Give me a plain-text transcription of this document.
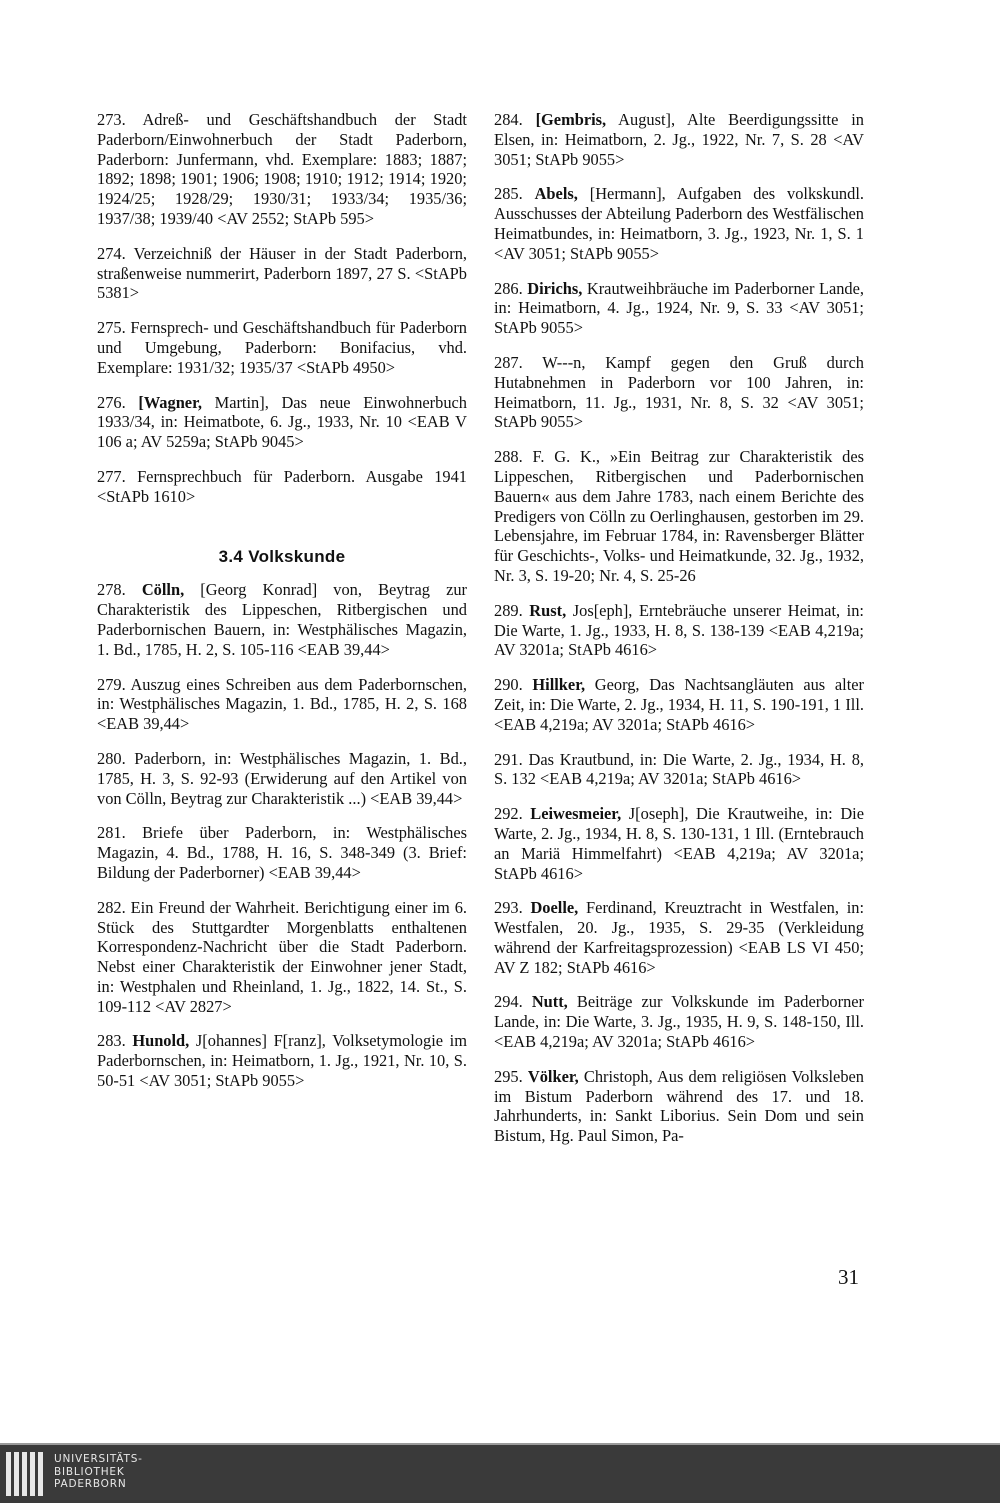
273. Adreß- und Geschäftshandbuch der Stadt Paderborn/Einwohnerbuch der Stadt Paderborn, Paderborn: Junfermann, vhd. Exemplare: 1883; 1887; 1892; 1898; 1901; 1906; 1908; 1910; 1912; 1914; 1920; 1924/25; 1928/29; 1930/31; 1933/34; 1935/36; 1937/38; 1939/40 <AV 2552; StAPb 595>

274. Verzeichniß der Häuser in der Stadt Paderborn, straßenweise nummerirt, Paderborn 1897, 27 S. <StAPb 5381>

275. Fernsprech- und Geschäftshandbuch für Paderborn und Umgebung, Paderborn: Bonifacius, vhd. Exemplare: 1931/32; 1935/37 <StAPb 4950>

276. [Wagner, Martin], Das neue Einwohnerbuch 1933/34, in: Heimatbote, 6. Jg., 1933, Nr. 10 <EAB V 106 a; AV 5259a; StAPb 9045>

277. Fernsprechbuch für Paderborn. Ausgabe 1941 <StAPb 1610>

3.4 Volkskunde

278. Cölln, [Georg Konrad] von, Beytrag zur Charakteristik des Lippeschen, Ritbergischen und Paderbornischen Bauern, in: Westphälisches Magazin, 1. Bd., 1785, H. 2, S. 105-116 <EAB 39,44>

279. Auszug eines Schreiben aus dem Paderbornschen, in: Westphälisches Magazin, 1. Bd., 1785, H. 2, S. 168 <EAB 39,44>

280. Paderborn, in: Westphälisches Magazin, 1. Bd., 1785, H. 3, S. 92-93 (Erwiderung auf den Artikel von von Cölln, Beytrag zur Charakteristik ...) <EAB 39,44>

281. Briefe über Paderborn, in: Westphälisches Magazin, 4. Bd., 1788, H. 16, S. 348-349 (3. Brief: Bildung der Paderborner) <EAB 39,44>

282. Ein Freund der Wahrheit. Berichtigung einer im 6. Stück des Stuttgardter Morgenblatts enthaltenen Korrespondenz-Nachricht über die Stadt Paderborn. Nebst einer Charakteristik der Einwohner jener Stadt, in: Westphalen und Rheinland, 1. Jg., 1822, 14. St., S. 109-112 <AV 2827>

283. Hunold, J[ohannes] F[ranz], Volksetymologie im Paderbornschen, in: Heimatborn, 1. Jg., 1921, Nr. 10, S. 50-51 <AV 3051; StAPb 9055>

284. [Gembris, August], Alte Beerdigungssitte in Elsen, in: Heimatborn, 2. Jg., 1922, Nr. 7, S. 28 <AV 3051; StAPb 9055>

285. Abels, [Hermann], Aufgaben des volkskundl. Ausschusses der Abteilung Paderborn des Westfälischen Heimatbundes, in: Heimatborn, 3. Jg., 1923, Nr. 1, S. 1 <AV 3051; StAPb 9055>

286. Dirichs, Krautweihbräuche im Paderborner Lande, in: Heimatborn, 4. Jg., 1924, Nr. 9, S. 33 <AV 3051; StAPb 9055>

287. W---n, Kampf gegen den Gruß durch Hutabnehmen in Paderborn vor 100 Jahren, in: Heimatborn, 11. Jg., 1931, Nr. 8, S. 32 <AV 3051; StAPb 9055>

288. F. G. K., »Ein Beitrag zur Charakteristik des Lippeschen, Ritbergischen und Paderbornischen Bauern« aus dem Jahre 1783, nach einem Berichte des Predigers von Cölln zu Oerlinghausen, gestorben im 29. Lebensjahre, im Februar 1784, in: Ravensberger Blätter für Geschichts-, Volks- und Heimatkunde, 32. Jg., 1932, Nr. 3, S. 19-20; Nr. 4, S. 25-26

289. Rust, Jos[eph], Erntebräuche unserer Heimat, in: Die Warte, 1. Jg., 1933, H. 8, S. 138-139 <EAB 4,219a; AV 3201a; StAPb 4616>

290. Hillker, Georg, Das Nachtsangläuten aus alter Zeit, in: Die Warte, 2. Jg., 1934, H. 11, S. 190-191, 1 Ill. <EAB 4,219a; AV 3201a; StAPb 4616>

291. Das Krautbund, in: Die Warte, 2. Jg., 1934, H. 8, S. 132 <EAB 4,219a; AV 3201a; StAPb 4616>

292. Leiwesmeier, J[oseph], Die Krautweihe, in: Die Warte, 2. Jg., 1934, H. 8, S. 130-131, 1 Ill. (Erntebrauch an Mariä Himmelfahrt) <EAB 4,219a; AV 3201a; StAPb 4616>

293. Doelle, Ferdinand, Kreuztracht in Westfalen, in: Westfalen, 20. Jg., 1935, S. 29-35 (Verkleidung während der Karfreitagsprozession) <EAB LS VI 450; AV Z 182; StAPb 4616>

294. Nutt, Beiträge zur Volkskunde im Paderborner Lande, in: Die Warte, 3. Jg., 1935, H. 9, S. 148-150, Ill. <EAB 4,219a; AV 3201a; StAPb 4616>

295. Völker, Christoph, Aus dem religiösen Volksleben im Bistum Paderborn während des 17. und 18. Jahrhunderts, in: Sankt Liborius. Sein Dom und sein Bistum, Hg. Paul Simon, Pa-

31
UNIVERSITÄTS-
BIBLIOTHEK
PADERBORN
